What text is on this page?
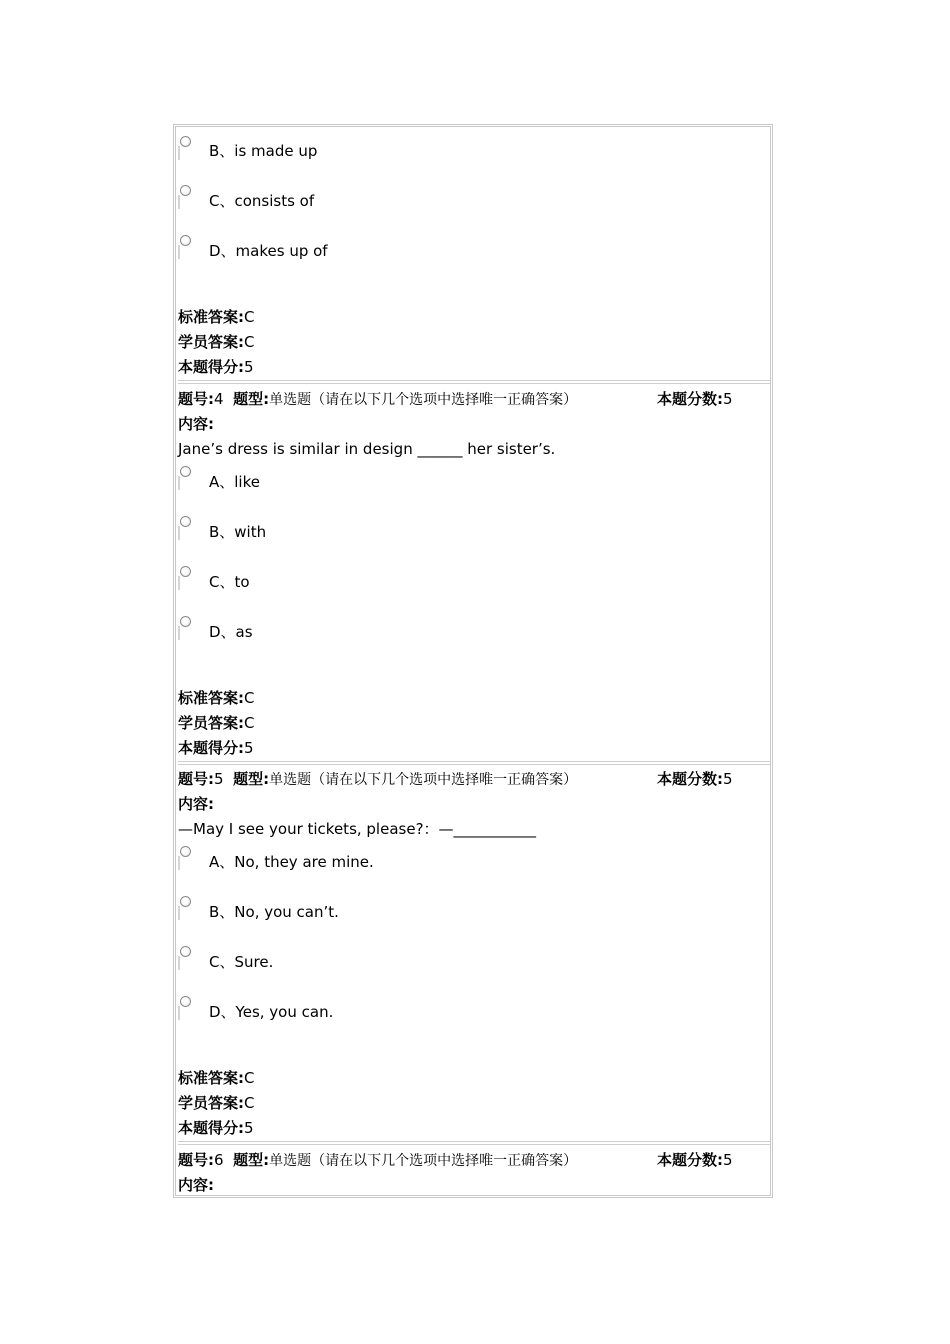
B、is made up
C、consists of
D、makes up of
标准答案:C
学员答案:C
本题得分:5
题号:4 题型:单选题（请在以下几个选项中选择唯一正确答案）	本题分数:5
内容:
Jane’s dress is similar in design ______ her sister’s.
A、like
B、with
C、to
D、as
标准答案:C
学员答案:C
本题得分:5
题号:5 题型:单选题（请在以下几个选项中选择唯一正确答案）	本题分数:5
内容:
—May I see your tickets, please?：—___________
A、No, they are mine.
B、No, you can’t.
C、Sure.
D、Yes, you can.
标准答案:C
学员答案:C
本题得分:5
题号:6 题型:单选题（请在以下几个选项中选择唯一正确答案）	本题分数:5
内容:
